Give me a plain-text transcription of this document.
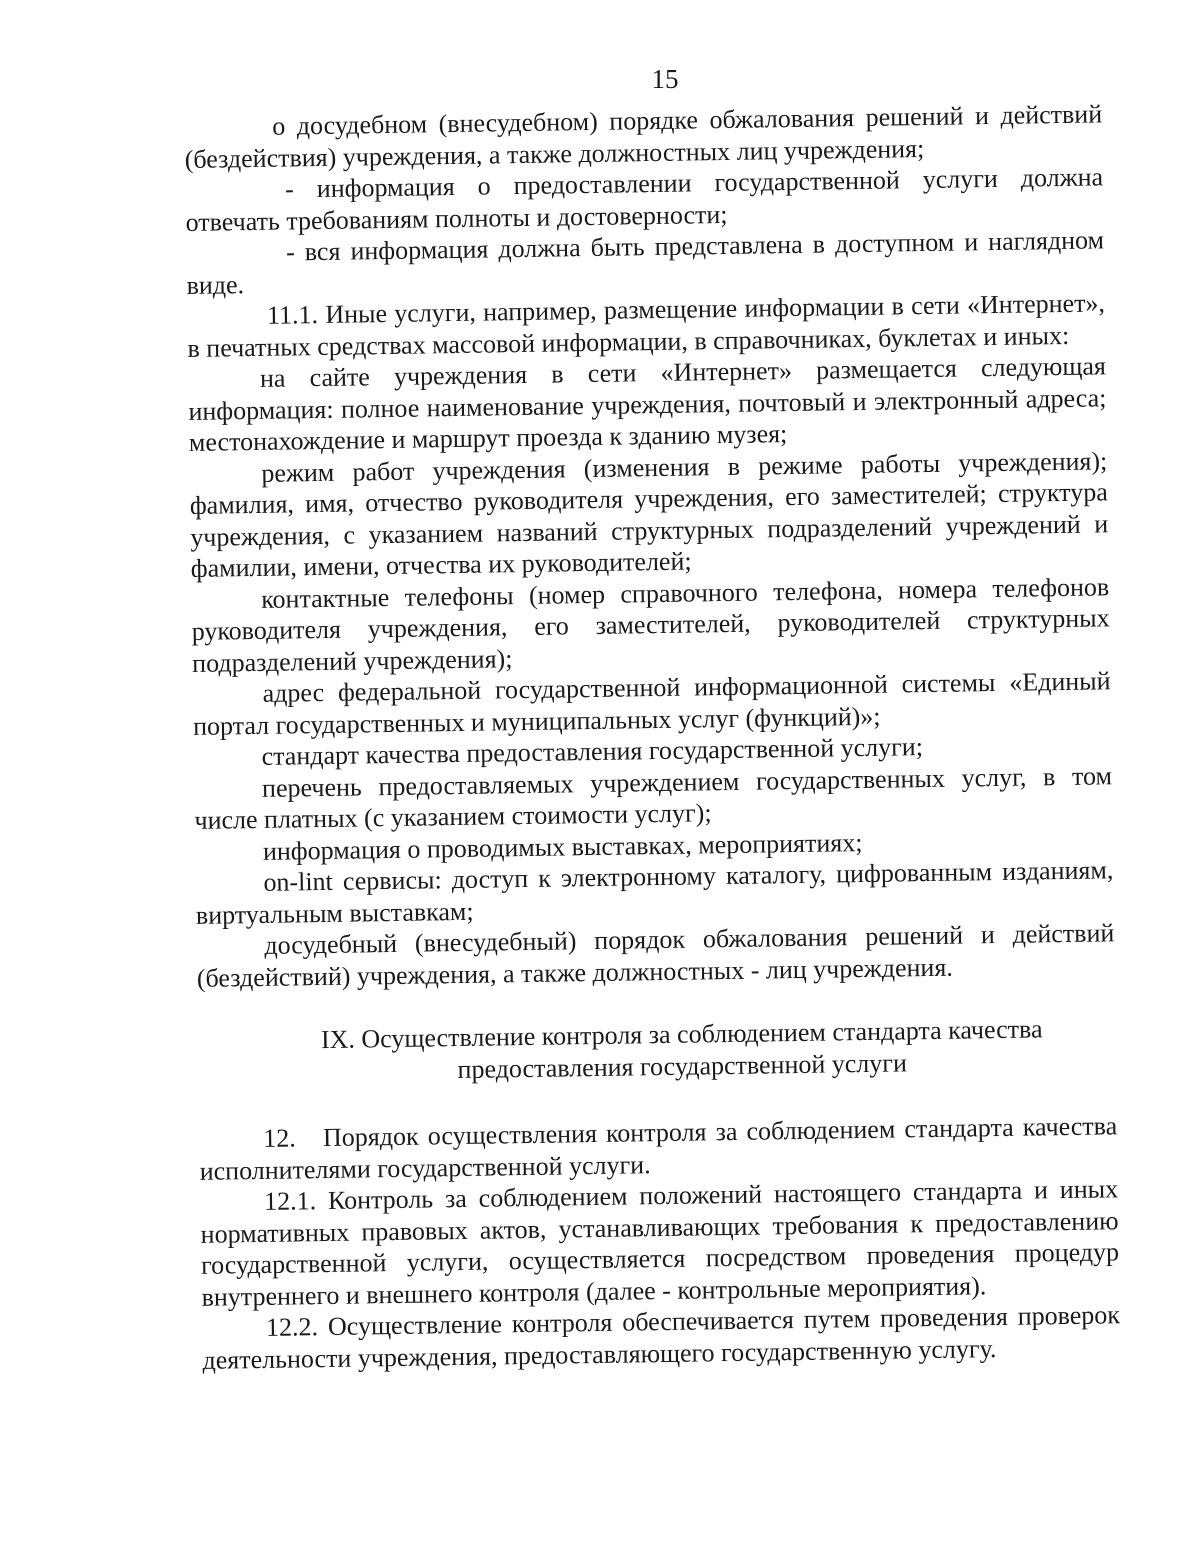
15

о досудебном (внесудебном) порядке обжалования решений и действий (бездействия) учреждения, а также должностных лиц учреждения;

- информация о предоставлении государственной услуги должна отвечать требованиям полноты и достоверности;

- вся информация должна быть представлена в доступном и наглядном виде.

11.1. Иные услуги, например, размещение информации в сети «Интернет», в печатных средствах массовой информации, в справочниках, буклетах и иных:

на сайте учреждения в сети «Интернет» размещается следующая информация: полное наименование учреждения, почтовый и электронный адреса; местонахождение и маршрут проезда к зданию музея;

режим работ учреждения (изменения в режиме работы учреждения); фамилия, имя, отчество руководителя учреждения, его заместителей; структура учреждения, с указанием названий структурных подразделений учреждений и фамилии, имени, отчества их руководителей;

контактные телефоны (номер справочного телефона, номера телефонов руководителя учреждения, его заместителей, руководителей структурных подразделений учреждения);

адрес федеральной государственной информационной системы «Единый портал государственных и муниципальных услуг (функций)»;

стандарт качества предоставления государственной услуги;

перечень предоставляемых учреждением государственных услуг, в том числе платных (с указанием стоимости услуг);

информация о проводимых выставках, мероприятиях;

on-lint сервисы: доступ к электронному каталогу, цифрованным изданиям, виртуальным выставкам;

досудебный (внесудебный) порядок обжалования решений и действий (бездействий) учреждения, а также должностных - лиц учреждения.

IX. Осуществление контроля за соблюдением стандарта качества
предоставления государственной услуги

12.   Порядок осуществления контроля за соблюдением стандарта качества исполнителями государственной услуги.

12.1. Контроль за соблюдением положений настоящего стандарта и иных нормативных правовых актов, устанавливающих требования к предоставлению государственной услуги, осуществляется посредством проведения процедур внутреннего и внешнего контроля (далее - контрольные мероприятия).

12.2. Осуществление контроля обеспечивается путем проведения проверок деятельности учреждения, предоставляющего государственную услугу.
